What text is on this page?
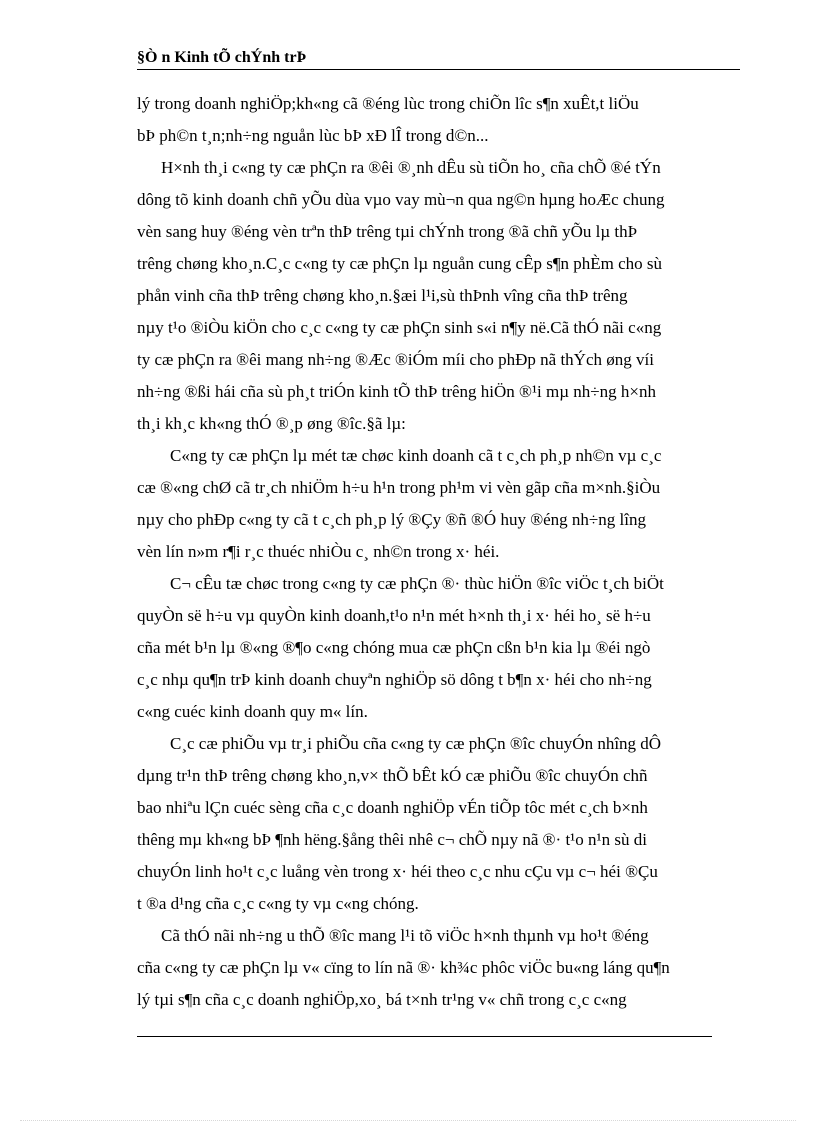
§Ò n Kinh tÕ chÝnh trÞ

lý trong doanh nghiÖp;kh«ng cã ®éng lùc trong chiÕn lîc s¶n xuÊt,t liÖu
bÞ ph©n t¸n;nh÷ng nguån lùc bÞ xÐ lÎ trong d©n...

H×nh th¸i c«ng ty cæ phÇn ra ®êi ®¸nh dÊu sù tiÕn ho¸ cña chÕ ®é tÝn
dông tõ kinh doanh chñ yÕu dùa vµo vay mù¬n qua ng©n hµng hoÆc chung
vèn sang huy ®éng vèn trªn thÞ trêng tµi chÝnh trong ®ã chñ yÕu lµ thÞ
trêng chøng kho¸n.C¸c c«ng ty cæ phÇn lµ nguån cung cÊp s¶n phÈm cho sù
phån vinh cña thÞ trêng chøng kho¸n.§æi l¹i,sù thÞnh vîng cña thÞ trêng
nµy t¹o ®iÒu kiÖn cho c¸c c«ng ty cæ phÇn sinh s«i n¶y në.Cã thÓ nãi c«ng
ty cæ phÇn ra ®êi mang nh÷ng ®Æc ®iÓm míi cho phÐp nã thÝch øng víi
nh÷ng ®ßi hái cña sù ph¸t triÓn kinh tÕ thÞ trêng hiÖn ®¹i mµ nh÷ng h×nh
th¸i kh¸c kh«ng thÓ ®¸p øng ®îc.§ã lµ:

C«ng ty cæ phÇn lµ mét tæ chøc kinh doanh cã t c¸ch ph¸p nh©n vµ c¸c
cæ ®«ng chØ cã tr¸ch nhiÖm h÷u h¹n trong ph¹m vi vèn gãp cña m×nh.§iÒu
nµy cho phÐp c«ng ty cã t c¸ch ph¸p lý ®Çy ®ñ ®Ó huy ®éng nh÷ng lîng
vèn lín n»m r¶i r¸c thuéc nhiÒu c¸ nh©n trong x· héi.

C¬ cÊu tæ chøc trong c«ng ty cæ phÇn ®· thùc hiÖn ®îc viÖc t¸ch biÖt
quyÒn së h÷u vµ quyÒn kinh doanh,t¹o n¹n mét h×nh th¸i x· héi ho¸ së h÷u
cña mét b¹n lµ ®«ng ®¶o c«ng chóng mua cæ phÇn cßn b¹n kia lµ ®éi ngò
c¸c nhµ qu¶n trÞ kinh doanh chuyªn nghiÖp sö dông t b¶n x· héi cho nh÷ng
c«ng cuéc kinh doanh quy m« lín.

C¸c cæ phiÕu vµ tr¸i phiÕu cña c«ng ty cæ phÇn ®îc chuyÓn nhîng dÔ
dµng tr¹n thÞ trêng chøng kho¸n,v× thÕ bÊt kÓ cæ phiÕu ®îc chuyÓn chñ
bao nhiªu lÇn cuéc sèng cña c¸c doanh nghiÖp vÉn tiÕp tôc mét c¸ch b×nh
thêng mµ kh«ng bÞ ¶nh hëng.§ång thêi nhê c¬ chÕ nµy nã ®· t¹o n¹n sù di
chuyÓn linh ho¹t c¸c luång vèn trong x· héi theo c¸c nhu cÇu vµ c¬ héi ®Çu
t ®a d¹ng cña c¸c c«ng ty vµ c«ng chóng.

Cã thÓ nãi nh÷ng u thÕ ®îc mang l¹i tõ viÖc h×nh thµnh vµ ho¹t ®éng
cña c«ng ty cæ phÇn lµ v« cïng to lín nã ®· kh¾c phôc viÖc bu«ng láng qu¶n
lý tµi s¶n cña c¸c doanh nghiÖp,xo¸ bá t×nh tr¹ng v« chñ trong c¸c c«ng
